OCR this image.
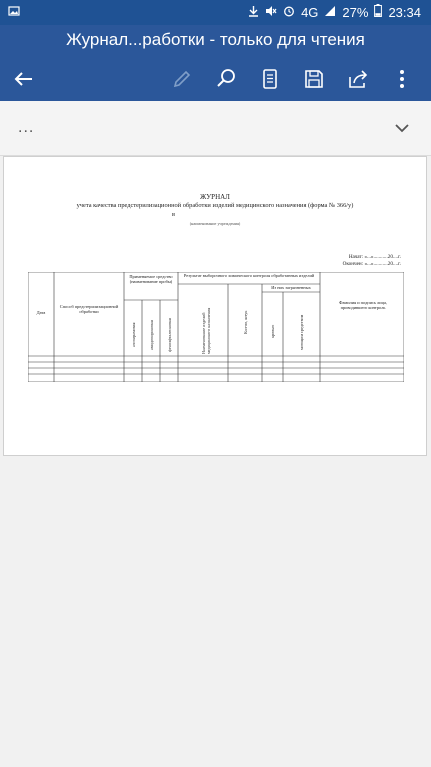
4G 27% 23:34
Журнал...работки - только для чтения
...
ЖУРНАЛ
учета качества предстерилизационной обработки изделий медицинского назначения (форма № 366/у)
в
(наименование учреждения)
Начат: «...»...........20....г.
Окончен: «...»...........20....г.
Дата
Способ предстерилизационной обработки
Применяемое средство (наименование пробы)
азопирамовая	амидопириновая	фенолфталеиновая
Результат выборочного химического контроля обработанных изделий
Наименование изделий медицинского назначения	Кол-во, штук
Из них загрязненных
кровью	моющим средством
Фамилия и подпись лица, проводившего контроль
